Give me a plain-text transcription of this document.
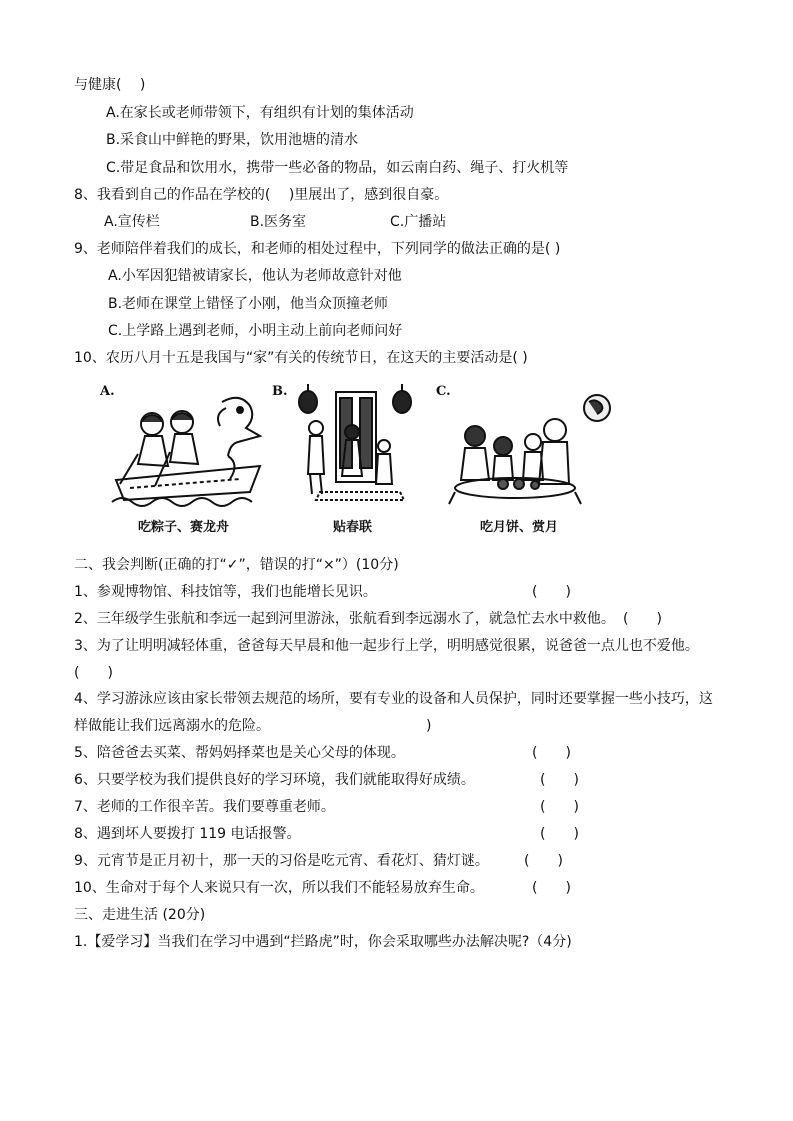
与健康(　 )
A.在家长或老师带领下，有组织有计划的集体活动
B.采食山中鲜艳的野果，饮用池塘的清水
C.带足食品和饮用水，携带一些必备的物品，如云南白药、绳子、打火机等
8、我看到自己的作品在学校的(　 )里展出了，感到很自豪。
A.宣传栏	B.医务室	C.广播站
9、老师陪伴着我们的成长，和老师的相处过程中，下列同学的做法正确的是( )
A.小军因犯错被请家长，他认为老师故意针对他
B.老师在课堂上错怪了小刚，他当众顶撞老师
C.上学路上遇到老师，小明主动上前向老师问好
10、农历八月十五是我国与“家”有关的传统节日，在这天的主要活动是( )
A.
吃粽子、赛龙舟
B.
贴春联
C.
吃月饼、赏月
二、我会判断(正确的打“✓”，错误的打“×”）(10分)
1、参观博物馆、科技馆等，我们也能增长见识。	(　　)
2、三年级学生张航和李远一起到河里游泳，张航看到李远溺水了，就急忙去水中救他。 (　　)
3、为了让明明减轻体重，爸爸每天早晨和他一起步行上学，明明感觉很累，说爸爸一点儿也不爱他。
(　　)
4、学习游泳应该由家长带领去规范的场所，要有专业的设备和人员保护，同时还要掌握一些小技巧，这
样做能让我们远离溺水的危险。	)
5、陪爸爸去买菜、帮妈妈择菜也是关心父母的体现。	(　　)
6、只要学校为我们提供良好的学习环境，我们就能取得好成绩。	(　　)
7、老师的工作很辛苦。我们要尊重老师。	(　　)
8、遇到坏人要拨打 119 电话报警。	(　　)
9、元宵节是正月初十，那一天的习俗是吃元宵、看花灯、猜灯谜。	(　　)
10、生命对于每个人来说只有一次，所以我们不能轻易放弃生命。	(　　)
三、走进生活 (20分)
1.【爱学习】当我们在学习中遇到“拦路虎”时，你会采取哪些办法解决呢?（4分)
